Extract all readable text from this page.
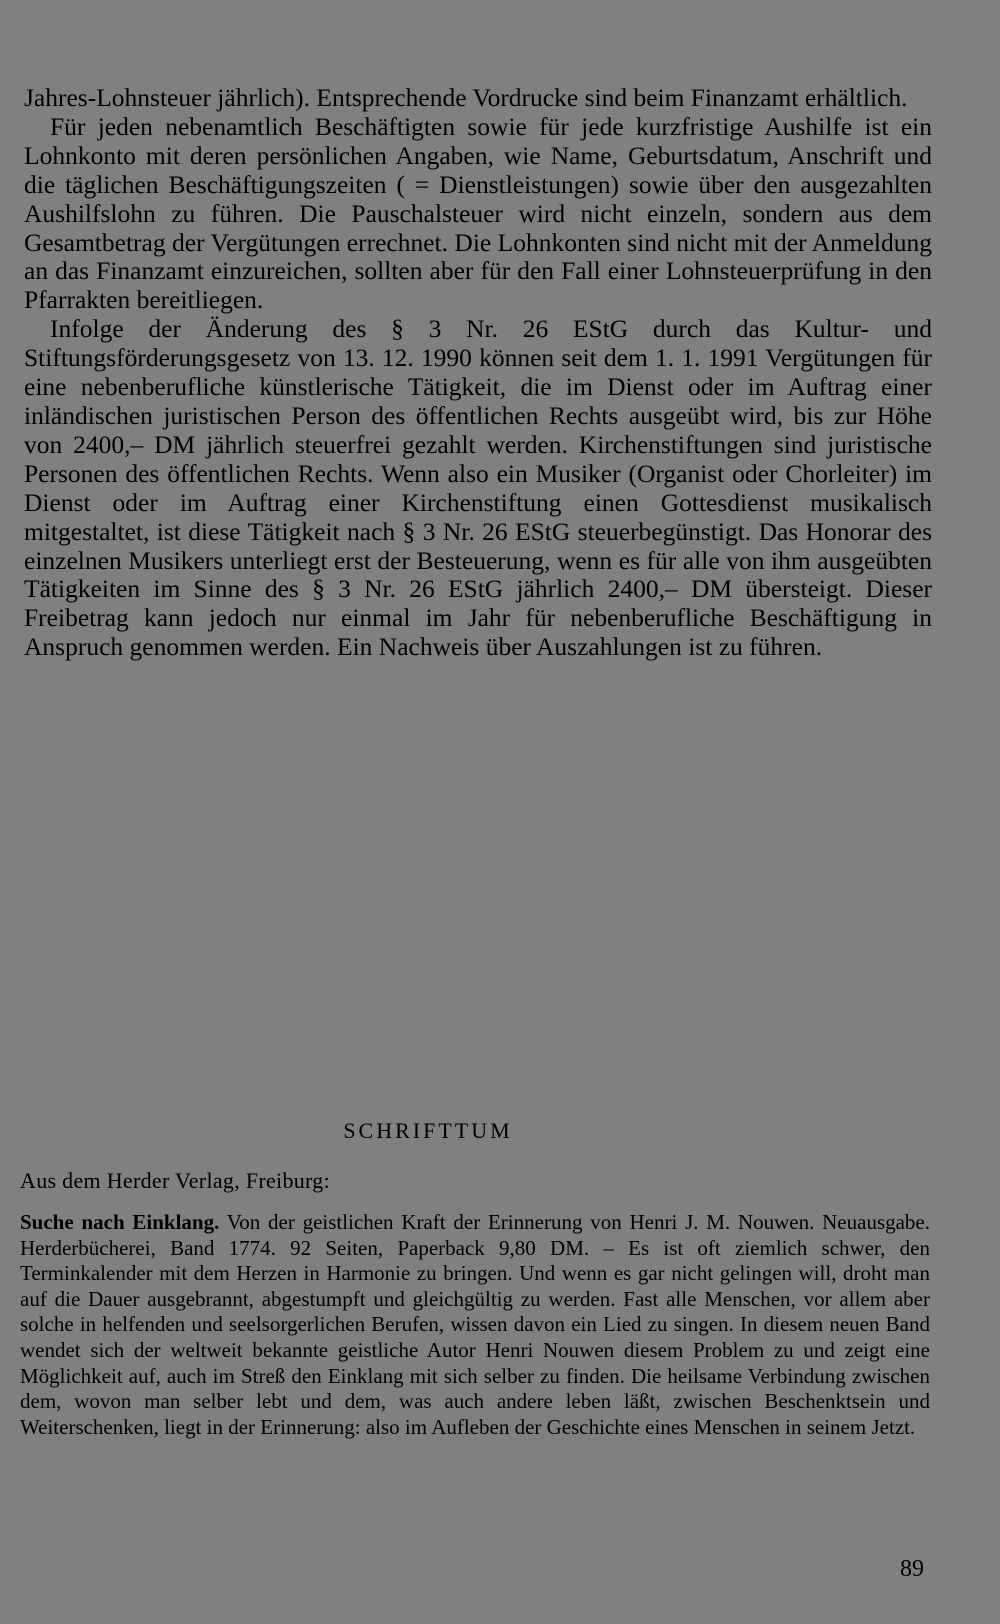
Jahres-Lohnsteuer jährlich). Entsprechende Vordrucke sind beim Finanzamt erhältlich.

Für jeden nebenamtlich Beschäftigten sowie für jede kurzfristige Aushilfe ist ein Lohnkonto mit deren persönlichen Angaben, wie Name, Geburtsdatum, Anschrift und die täglichen Beschäftigungszeiten ( = Dienstleistungen) sowie über den ausgezahlten Aushilfslohn zu führen. Die Pauschalsteuer wird nicht einzeln, sondern aus dem Gesamtbetrag der Vergütungen errechnet. Die Lohnkonten sind nicht mit der Anmeldung an das Finanzamt einzureichen, sollten aber für den Fall einer Lohnsteuerprüfung in den Pfarrakten bereitliegen.

Infolge der Änderung des § 3 Nr. 26 EStG durch das Kultur- und Stiftungsförderungsgesetz von 13. 12. 1990 können seit dem 1. 1. 1991 Vergütungen für eine nebenberufliche künstlerische Tätigkeit, die im Dienst oder im Auftrag einer inländischen juristischen Person des öffentlichen Rechts ausgeübt wird, bis zur Höhe von 2400,– DM jährlich steuerfrei gezahlt werden. Kirchenstiftungen sind juristische Personen des öffentlichen Rechts. Wenn also ein Musiker (Organist oder Chorleiter) im Dienst oder im Auftrag einer Kirchenstiftung einen Gottesdienst musikalisch mitgestaltet, ist diese Tätigkeit nach § 3 Nr. 26 EStG steuerbegünstigt. Das Honorar des einzelnen Musikers unterliegt erst der Besteuerung, wenn es für alle von ihm ausgeübten Tätigkeiten im Sinne des § 3 Nr. 26 EStG jährlich 2400,– DM übersteigt. Dieser Freibetrag kann jedoch nur einmal im Jahr für nebenberufliche Beschäftigung in Anspruch genommen werden. Ein Nachweis über Auszahlungen ist zu führen.

SCHRIFTTUM

Aus dem Herder Verlag, Freiburg:

Suche nach Einklang. Von der geistlichen Kraft der Erinnerung von Henri J. M. Nouwen. Neuausgabe. Herderbücherei, Band 1774. 92 Seiten, Paperback 9,80 DM. – Es ist oft ziemlich schwer, den Terminkalender mit dem Herzen in Harmonie zu bringen. Und wenn es gar nicht gelingen will, droht man auf die Dauer ausgebrannt, abgestumpft und gleichgültig zu werden. Fast alle Menschen, vor allem aber solche in helfenden und seelsorgerlichen Berufen, wissen davon ein Lied zu singen. In diesem neuen Band wendet sich der weltweit bekannte geistliche Autor Henri Nouwen diesem Problem zu und zeigt eine Möglichkeit auf, auch im Streß den Einklang mit sich selber zu finden. Die heilsame Verbindung zwischen dem, wovon man selber lebt und dem, was auch andere leben läßt, zwischen Beschenktsein und Weiterschenken, liegt in der Erinnerung: also im Aufleben der Geschichte eines Menschen in seinem Jetzt.

89
